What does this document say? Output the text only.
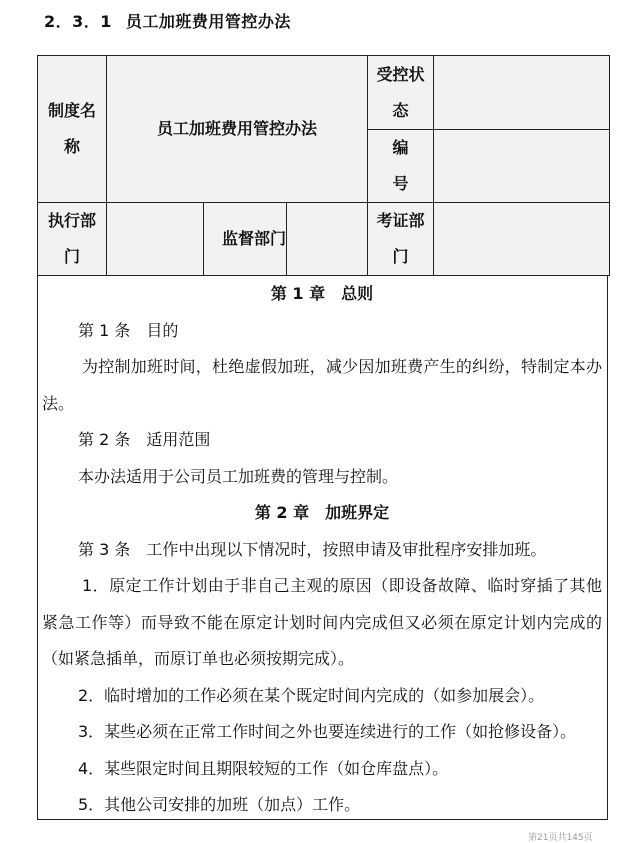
2．3．1 员工加班费用管控办法
制度名称	员工加班费用管控办法			受控状态	
				编号	
执行部门		监督部门		考证部门	

第 1 章　总则

第 1 条　目的

为控制加班时间，杜绝虚假加班，减少因加班费产生的纠纷，特制定本办法。

第 2 条　适用范围

本办法适用于公司员工加班费的管理与控制。

第 2 章　加班界定

第 3 条　工作中出现以下情况时，按照申请及审批程序安排加班。

1．原定工作计划由于非自己主观的原因（即设备故障、临时穿插了其他紧急工作等）而导致不能在原定计划时间内完成但又必须在原定计划内完成的（如紧急插单，而原订单也必须按期完成）。

2．临时增加的工作必须在某个既定时间内完成的（如参加展会）。

3．某些必须在正常工作时间之外也要连续进行的工作（如抢修设备）。

4．某些限定时间且期限较短的工作（如仓库盘点）。

5．其他公司安排的加班（加点）工作。

第21页共145页
